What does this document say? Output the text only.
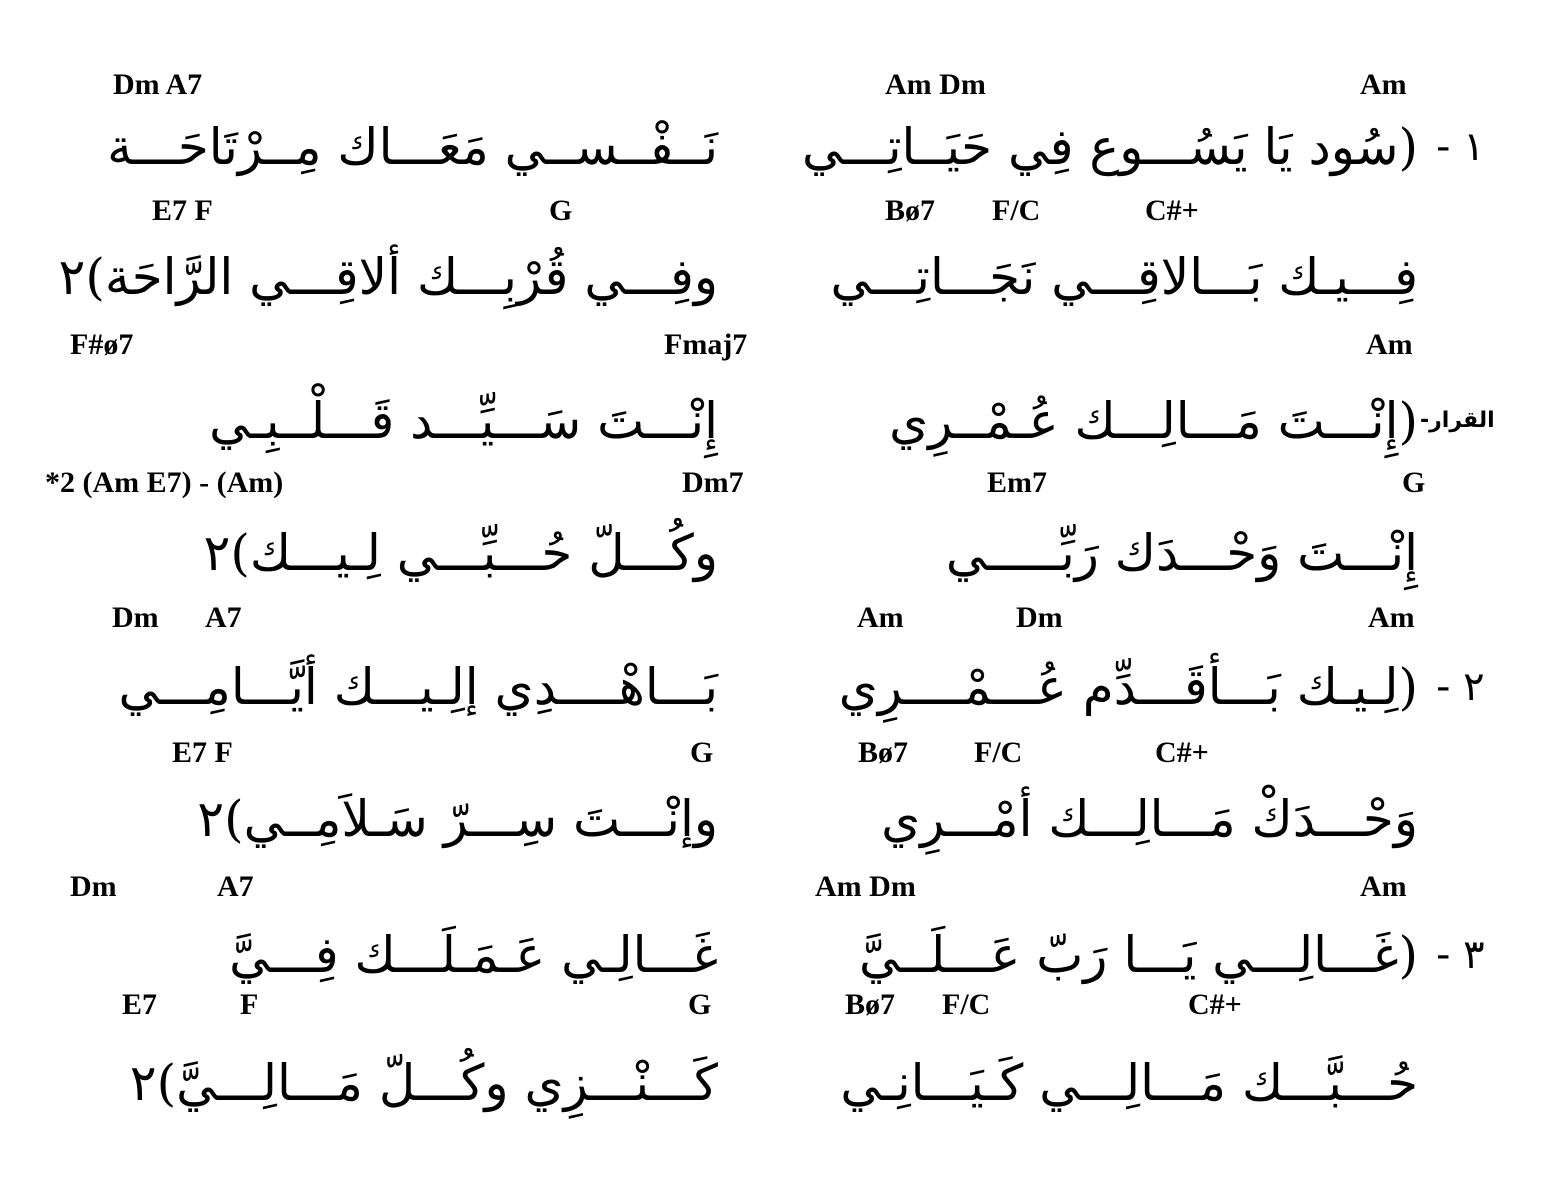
Dm A7	Am Dm	Am
نَــفْــســي مَعَـــاك مِــرْتَاحَـــة (سُود يَا يَسُـــوع فِي حَيَــاتِـــي ١ -
E7 F	G	Bø7 F/C	C#+
وفِـــي قُرْبِـــك ألاقِـــي الرَّاحَة)٢ فِـــيـك بَـــالاقِـــي نَجَـــاتِـــي
F#ø7	Fmaj7	Am
إِنْـــتَ سَـــيِّـــد قَـــلْــبِـي	(إِنْـــتَ مَـــالِـــك عُـمْــرِي القرار-
*2 (Am E7) - (Am)	Dm7	Em7	G
وكُـــلّ حُـــبِّـــي لِـيـــك)٢	إِنْـــتَ وَحْـــدَك رَبِّـــــي
Dm A7	Am	Dm	Am
بَـــاهْــــدِي إلِـيـــك أيَّـــامِـــي (لِـيـك بَـــأقَـــدِّم عُـــمْــــرِي ٢ -
E7 F	G	Bø7 F/C	C#+
وإنْـــتَ سِـــرّ سَـلاَمِــي)٢	وَحْـــدَكْ مَـــالِـــك أمْـــرِي
Dm	A7	Am Dm	Am
غَـــالِـي عَـمَـلَـــك فِـــيَّ	(غَـــالِـــي يَـــا رَبّ عَـــلَــيَّ ٣ -
E7	F	G	Bø7 F/C	C#+
كَـــنْـــزِي وكُـــلّ مَـــالِـــيَّ)٢ حُـــبَّـــك مَـــالِـــي كَـيَـــانِـي
